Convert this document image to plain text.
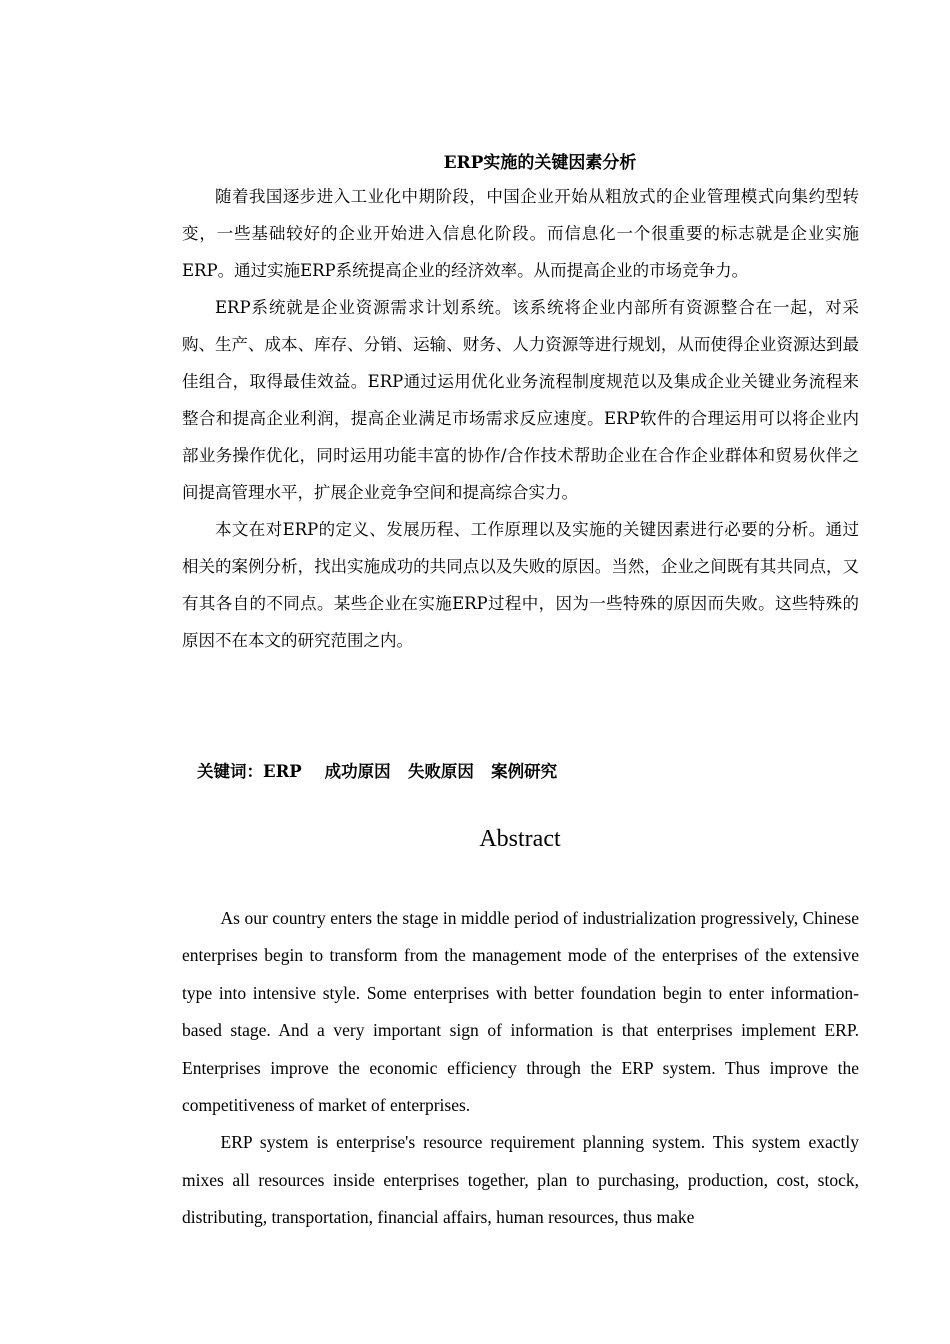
ERP实施的关键因素分析

随着我国逐步进入工业化中期阶段，中国企业开始从粗放式的企业管理模式向集约型转变，一些基础较好的企业开始进入信息化阶段。而信息化一个很重要的标志就是企业实施ERP。通过实施ERP系统提高企业的经济效率。从而提高企业的市场竞争力。

ERP系统就是企业资源需求计划系统。该系统将企业内部所有资源整合在一起，对采购、生产、成本、库存、分销、运输、财务、人力资源等进行规划，从而使得企业资源达到最佳组合，取得最佳效益。ERP通过运用优化业务流程制度规范以及集成企业关键业务流程来整合和提高企业利润，提高企业满足市场需求反应速度。ERP软件的合理运用可以将企业内部业务操作优化，同时运用功能丰富的协作/合作技术帮助企业在合作企业群体和贸易伙伴之间提高管理水平，扩展企业竞争空间和提高综合实力。

本文在对ERP的定义、发展历程、工作原理以及实施的关键因素进行必要的分析。通过相关的案例分析，找出实施成功的共同点以及失败的原因。当然，企业之间既有其共同点，又有其各自的不同点。某些企业在实施ERP过程中，因为一些特殊的原因而失败。这些特殊的原因不在本文的研究范围之内。

关键词：ERP    成功原因   失败原因   案例研究
Abstract

As our country enters the stage in middle period of industrialization progressively, Chinese enterprises begin to transform from the management mode of the enterprises of the extensive type into intensive style. Some enterprises with better foundation begin to enter information-based stage. And a very important sign of information is that enterprises implement ERP. Enterprises improve the economic efficiency through the ERP system. Thus improve the competitiveness of market of enterprises.

ERP system is enterprise's resource requirement planning system. This system exactly mixes all resources inside enterprises together, plan to purchasing, production, cost, stock, distributing, transportation, financial affairs, human resources, thus make
